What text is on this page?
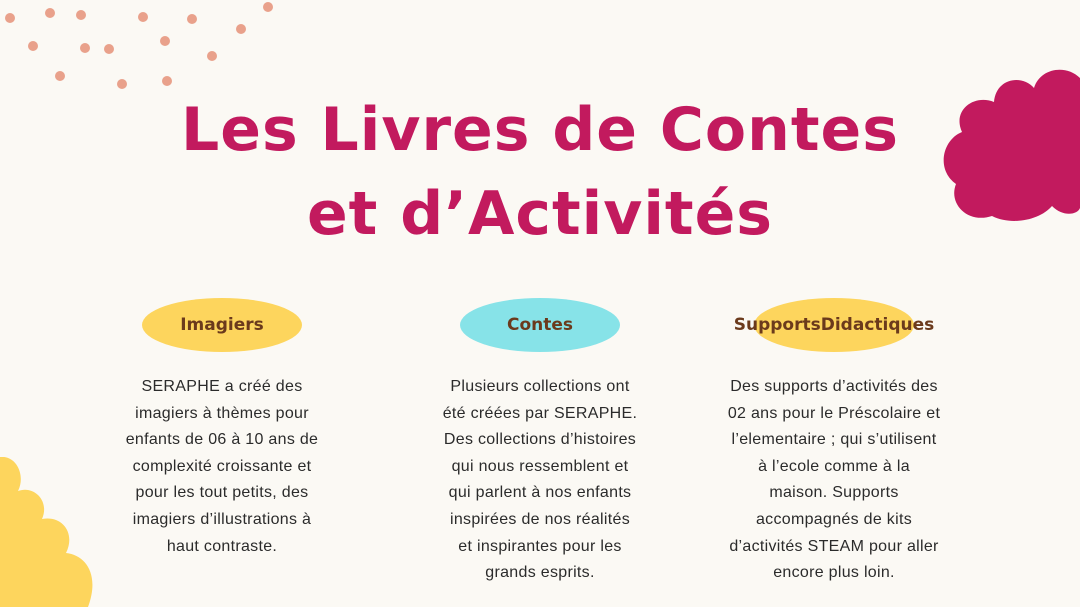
Les Livres de Contes
et d’Activités
Imagiers

SERAPHE a créé des
imagiers à thèmes pour
enfants de 06 à 10 ans de
complexité croissante et
pour les tout petits, des
imagiers d’illustrations à
haut contraste.

Contes

Plusieurs collections ont
été créées par SERAPHE.
Des collections d’histoires
qui nous ressemblent et
qui parlent à nos enfants
inspirées de nos réalités
et inspirantes pour les
grands esprits.

Supports Didactiques

Des supports d’activités des
02 ans pour le Préscolaire et
l’elementaire ; qui s’utilisent
à l’ecole comme à la
maison. Supports
accompagnés de kits
d’activités STEAM pour aller
encore plus loin.
